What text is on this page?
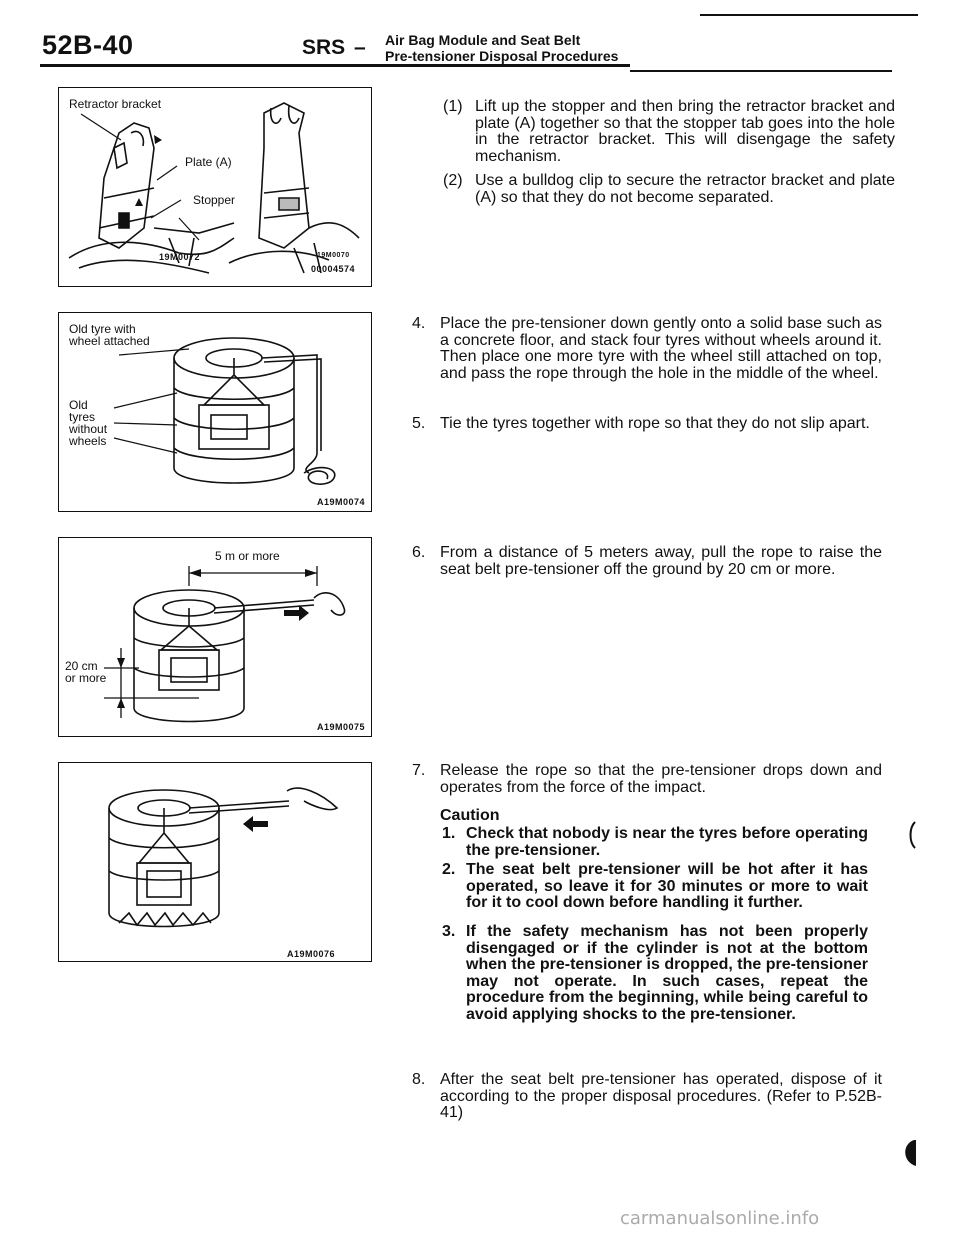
52B-40	SRS – Air Bag Module and Seat Belt
Pre-tensioner Disposal Procedures
Retractor bracket
Plate (A)
Stopper
19M0072	19M0070
00004574
Old tyre with
wheel attached
Old
tyres
without
wheels
A19M0074
5 m or more
20 cm
or more
A19M0075
A19M0076
(1) Lift up the stopper and then bring the retractor bracket and plate (A) together so that the stopper tab goes into the hole in the retractor bracket. This will disengage the safety mechanism.
(2) Use a bulldog clip to secure the retractor bracket and plate (A) so that they do not become separated.
4. Place the pre-tensioner down gently onto a solid base such as a concrete floor, and stack four tyres without wheels around it. Then place one more tyre with the wheel still attached on top, and pass the rope through the hole in the middle of the wheel.
5. Tie the tyres together with rope so that they do not slip apart.
6. From a distance of 5 meters away, pull the rope to raise the seat belt pre-tensioner off the ground by 20 cm or more.
7. Release the rope so that the pre-tensioner drops down and operates from the force of the impact.
Caution
1. Check that nobody is near the tyres before operating the pre-tensioner.
2. The seat belt pre-tensioner will be hot after it has operated, so leave it for 30 minutes or more to wait for it to cool down before handling it further.
3. If the safety mechanism has not been properly disengaged or if the cylinder is not at the bottom when the pre-tensioner is dropped, the pre-tensioner may not operate. In such cases, repeat the procedure from the beginning, while being careful to avoid applying shocks to the pre-tensioner.
8. After the seat belt pre-tensioner has operated, dispose of it according to the proper disposal procedures. (Refer to P.52B-41)
carmanualsonline.info
